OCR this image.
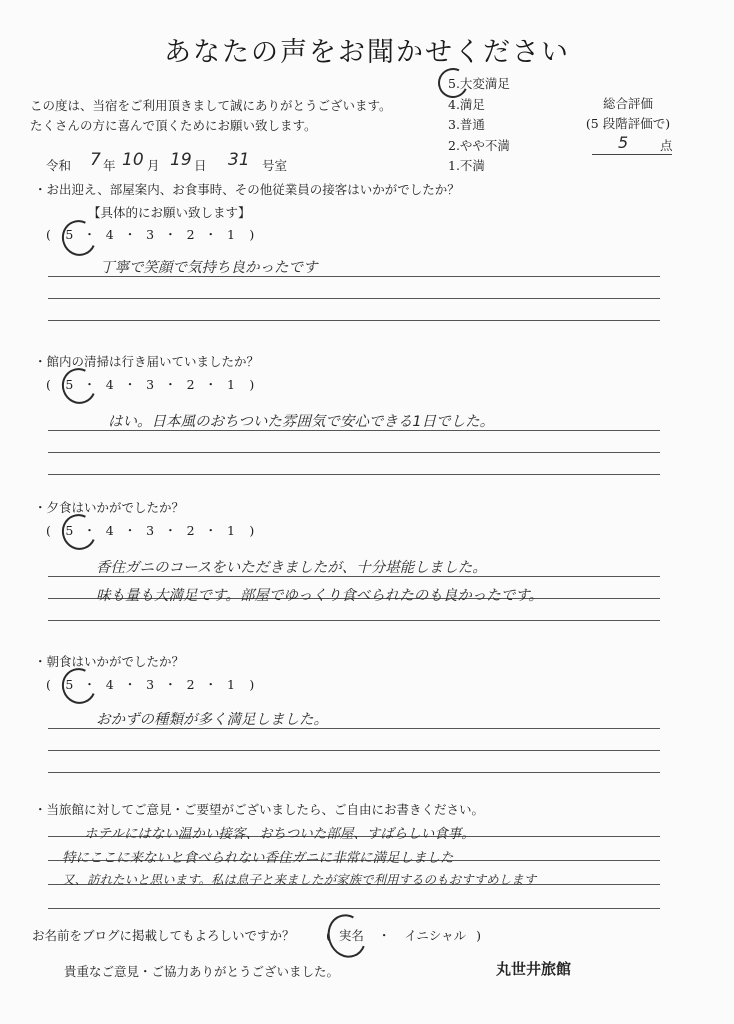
あなたの声をお聞かせください
この度は、当宿をご利用頂きまして誠にありがとうございます。
たくさんの方に喜んで頂くためにお願い致します。
5.大変満足
4.満足
3.普通
2.やや不満
1.不満
総合評価
(5 段階評価で)
5	点
令和 7 年 10 月 19 日 31 号室
・お出迎え、部屋案内、お食事時、その他従業員の接客はいかがでしたか？
【具体的にお願い致します】
(　5 ・ 4 ・ 3 ・ 2 ・ 1　)
丁寧で笑顔で気持ち良かったです
・館内の清掃は行き届いていましたか？
(　5 ・ 4 ・ 3 ・ 2 ・ 1　)
はい。日本風のおちついた雰囲気で安心できる1日でした。
・夕食はいかがでしたか？
(　5 ・ 4 ・ 3 ・ 2 ・ 1　)
香住ガニのコースをいただきましたが、十分堪能しました。
味も量も大満足です。部屋でゆっくり食べられたのも良かったです。
・朝食はいかがでしたか？
(　5 ・ 4 ・ 3 ・ 2 ・ 1　)
おかずの種類が多く満足しました。
・当旅館に対してご意見・ご要望がございましたら、ご自由にお書きください。
ホテルにはない温かい接客、おちついた部屋、すばらしい食事。
特にここに来ないと食べられない香住ガニに非常に満足しました
又、訪れたいと思います。私は息子と来ましたが家族で利用するのもおすすめします
お名前をブログに掲載してもよろしいですか？	( 実名 ・ イニシャル )
貴重なご意見・ご協力ありがとうございました。	丸世井旅館
